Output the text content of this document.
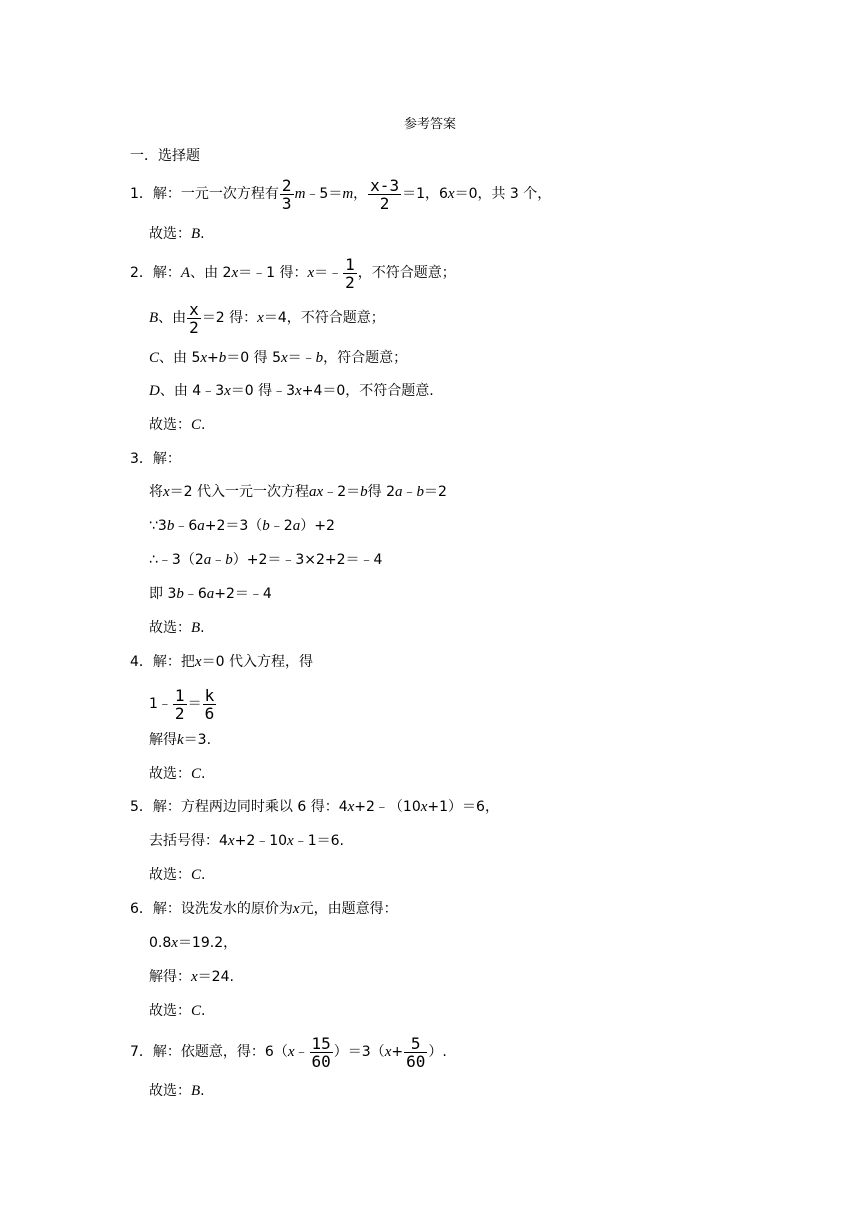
参考答案
一．选择题
1．解：一元一次方程有 $\frac{2}{3}$ m ﹣5＝ m ， $\frac{x-3}{2} =1$，6 x ＝0，共 3 个，
故选： B .
2．解： A 、由 2 x ＝﹣1 得： x ＝﹣ $\frac{1}{2}$ ，不符合题意；
B 、由 $\frac{x}{2} =2$ 得： x ＝4，不符合题意；
C 、由 5 x + b ＝0 得 5 x ＝﹣ b ，符合题意；
D 、由 4﹣3 x ＝0 得﹣3 x +4＝0，不符合题意.
故选： C .
3．解：
将 x ＝2 代入一元一次方程 ax ﹣2＝ b 得 2 a ﹣ b ＝2
∵3 b ﹣6 a +2＝3（ b ﹣2 a ）+2
∴﹣3（2 a ﹣ b ）+2＝﹣3×2+2＝﹣4
即 3 b ﹣6 a +2＝﹣4
故选： B .
4．解：把 x ＝0 代入方程，得
1﹣ $\frac{1}{2} = \frac{k}{6}$
解得 k ＝3.
故选： C .
5．解：方程两边同时乘以 6 得：4 x +2﹣（10 x +1）＝6，
去括号得：4 x +2﹣10 x ﹣1＝6.
故选： C .
6．解：设洗发水的原价为 x 元，由题意得：
0.8 x ＝19.2，
解得： x ＝24.
故选： C .
7．解：依题意，得：6（ x ﹣ $\frac{15}{60} )=3$（ $x + \frac{5}{60}$ ）.
故选： B .
